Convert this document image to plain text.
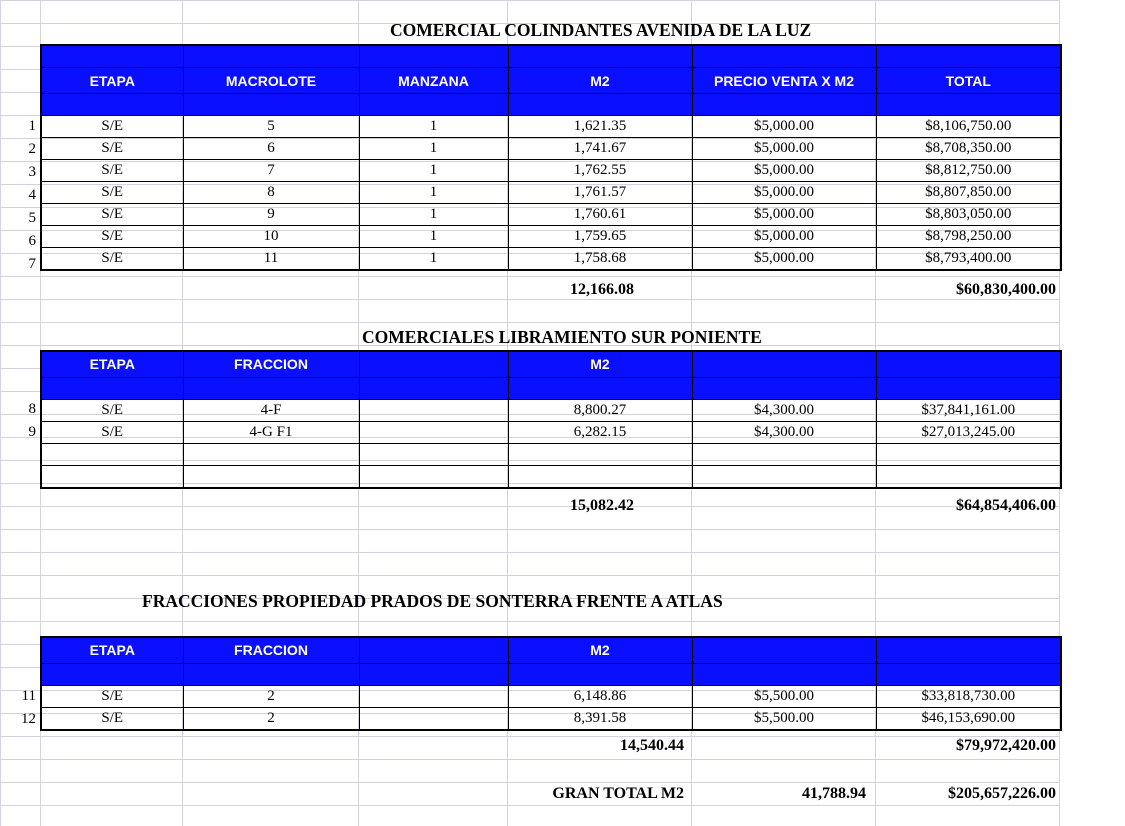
COMERCIAL COLINDANTES AVENIDA DE LA LUZ

ETAPA	MACROLOTE	MANZANA	M2	PRECIO VENTA X M2	TOTAL

S/E	5	1	1,621.35	$5,000.00	$8,106,750.00
S/E	6	1	1,741.67	$5,000.00	$8,708,350.00
S/E	7	1	1,762.55	$5,000.00	$8,812,750.00
S/E	8	1	1,761.57	$5,000.00	$8,807,850.00
S/E	9	1	1,760.61	$5,000.00	$8,803,050.00
S/E	10	1	1,759.65	$5,000.00	$8,798,250.00
S/E	11	1	1,758.68	$5,000.00	$8,793,400.00
1
2
3
4
5
6
7
12,166.08	$60,830,400.00
COMERCIALES LIBRAMIENTO SUR PONIENTE
ETAPA	FRACCION		M2		

S/E	4-F		8,800.27	$4,300.00	$37,841,161.00
S/E	4-G F1		6,282.15	$4,300.00	$27,013,245.00

8
9
15,082.42	$64,854,406.00
FRACCIONES PROPIEDAD PRADOS DE SONTERRA FRENTE A ATLAS
ETAPA	FRACCION		M2		

S/E	2		6,148.86	$5,500.00	$33,818,730.00
S/E	2		8,391.58	$5,500.00	$46,153,690.00
11
12
14,540.44	$79,972,420.00
GRAN TOTAL M2	41,788.94	$205,657,226.00
